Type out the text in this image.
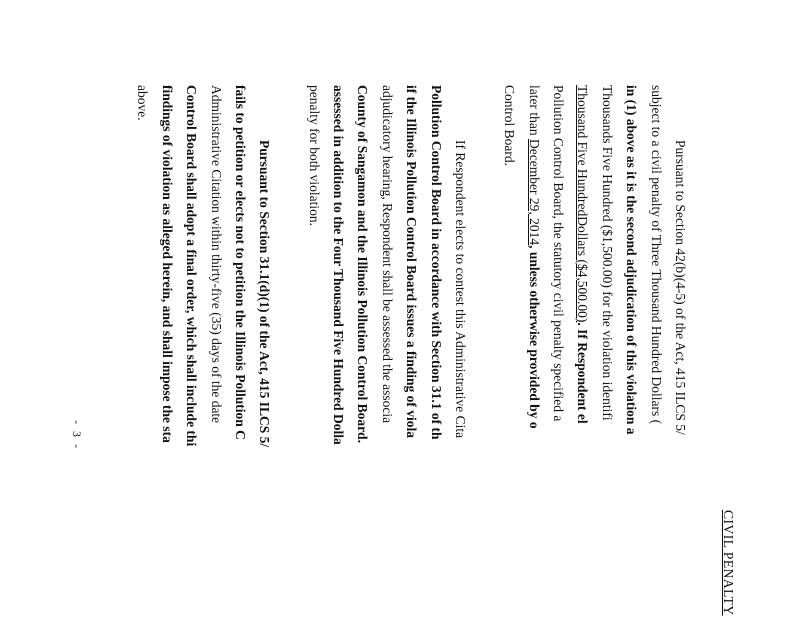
CIVIL PENALTY
Pursuant to Section 42(b)(4-5) of the Act, 415 ILCS 5/
subject to a civil penalty of Three Thousand Hundred Dollars (
in (1) above as it is the second adjudication of this violation a
Thousands Five Hundred ($1,500.00) for the violation identifi
Thousand Five HundredDollars ($4,500.00). If Respondent el
Pollution Control Board, the statutory civil penalty specified a
later than December 29, 2014, unless otherwise provided by o
Control Board.
If Respondent elects to contest this Administrative Cita
Pollution Control Board in accordance with Section 31.1 of th
if the Illinois Pollution Control Board issues a finding of viola
adjudicatory hearing, Respondent shall be assessed the associa
County of Sangamon and the Illinois Pollution Control Board.
assessed in addition to the Four Thousand Five Hundred Dolla
penalty for both violation.
Pursuant to Section 31.1(d)(1) of the Act, 415 ILCS 5/
fails to petition or elects not to petition the Illinois Pollution C
Administrative Citation within thirty-five (35) days of the date
Control Board shall adopt a final order, which shall include thi
findings of violation as alleged herein, and shall impose the sta
above.
- 3 -
